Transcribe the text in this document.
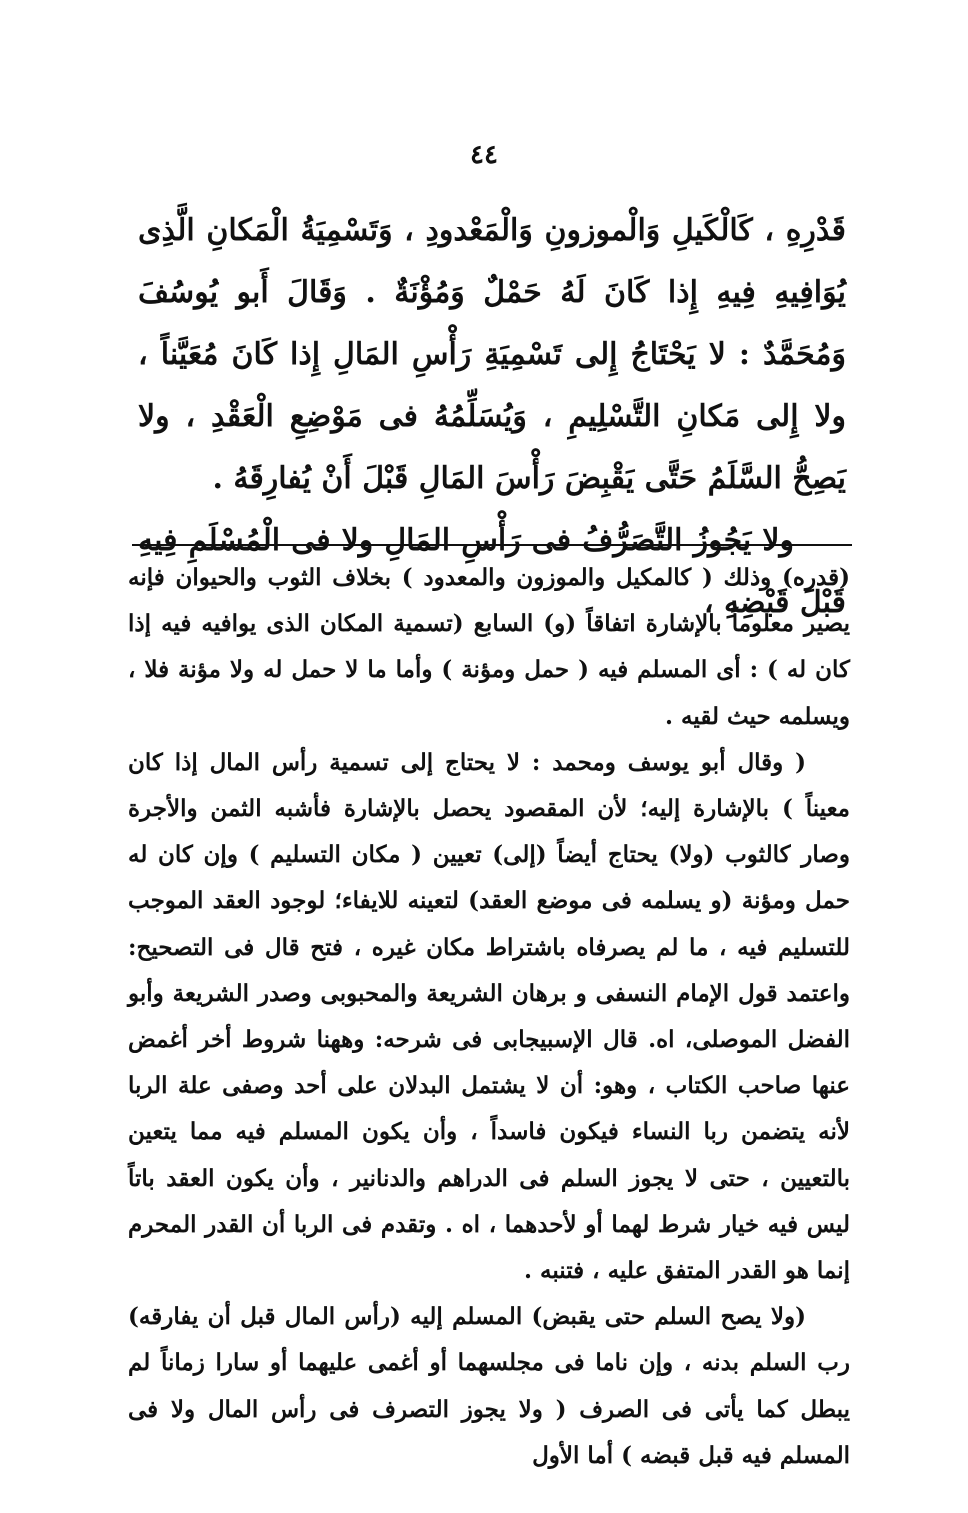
٤٤

قَدْرِهِ ، كَالْكَيلِ وَالْموزونِ وَالْمَعْدودِ ، وَتَسْمِيَةُ الْمَكانِ الَّذِى يُوَافِيهِ فِيهِ إِذا كَانَ لَهُ حَمْلٌ وَمُؤْنَةٌ . وَقَالَ أَبو يُوسُفَ وَمُحَمَّدٌ : لا يَحْتَاجُ إِلى تَسْمِيَةِ رَأْسِ المَالِ إِذا كَانَ مُعَيَّناً ، ولا إِلى مَكانِ التَّسْلِيمِ ، وَيُسَلِّمُهُ فى مَوْضِعِ الْعَقْدِ ، ولا يَصِحُّ السَّلَمُ حَتَّى يَقْبِضَ رَأْسَ المَالِ قَبْلَ أَنْ يُفارِقَهُ .

ولا يَجُوزُ التَّصَرُّفُ فى رَأْسِ المَالِ ولا فى الْمُسْلَمِ فِيهِ قَبْلَ قَبْضِهِ ،

(قدره) وذلك ( كالمكيل والموزون والمعدود ) بخلاف الثوب والحيوان فإنه يصير معلوماً بالإشارة اتفاقاً (و) السابع (تسمية المكان الذى يوافيه فيه إذا كان له ) : أى المسلم فيه ( حمل ومؤنة ) وأما ما لا حمل له ولا مؤنة فلا ، ويسلمه حيث لقيه .

( وقال أبو يوسف ومحمد : لا يحتاج إلى تسمية رأس المال إذا كان معيناً ) بالإشارة إليه؛ لأن المقصود يحصل بالإشارة فأشبه الثمن والأجرة وصار كالثوب (ولا) يحتاج أيضاً (إلى) تعيين ( مكان التسليم ) وإن كان له حمل ومؤنة (و يسلمه فى موضع العقد) لتعينه للايفاء؛ لوجود العقد الموجب للتسليم فيه ، ما لم يصرفاه باشتراط مكان غيره ، فتح قال فى التصحيح: واعتمد قول الإمام النسفى و برهان الشريعة والمحبوبى وصدر الشريعة وأبو الفضل الموصلى، اه. قال الإسبيجابى فى شرحه: وههنا شروط أخر أغمض عنها صاحب الكتاب ، وهو: أن لا يشتمل البدلان على أحد وصفى علة الربا لأنه يتضمن ربا النساء فيكون فاسداً ، وأن يكون المسلم فيه مما يتعين بالتعيين ، حتى لا يجوز السلم فى الدراهم والدنانير ، وأن يكون العقد باتاً ليس فيه خيار شرط لهما أو لأحدهما ، اه . وتقدم فى الربا أن القدر المحرم إنما هو القدر المتفق عليه ، فتنبه .

(ولا يصح السلم حتى يقبض) المسلم إليه (رأس المال قبل أن يفارقه) رب السلم بدنه ، وإن ناما فى مجلسهما أو أغمى عليهما أو سارا زماناً لم يبطل كما يأتى فى الصرف ( ولا يجوز التصرف فى رأس المال ولا فى المسلم فيه قبل قبضه ) أما الأول
